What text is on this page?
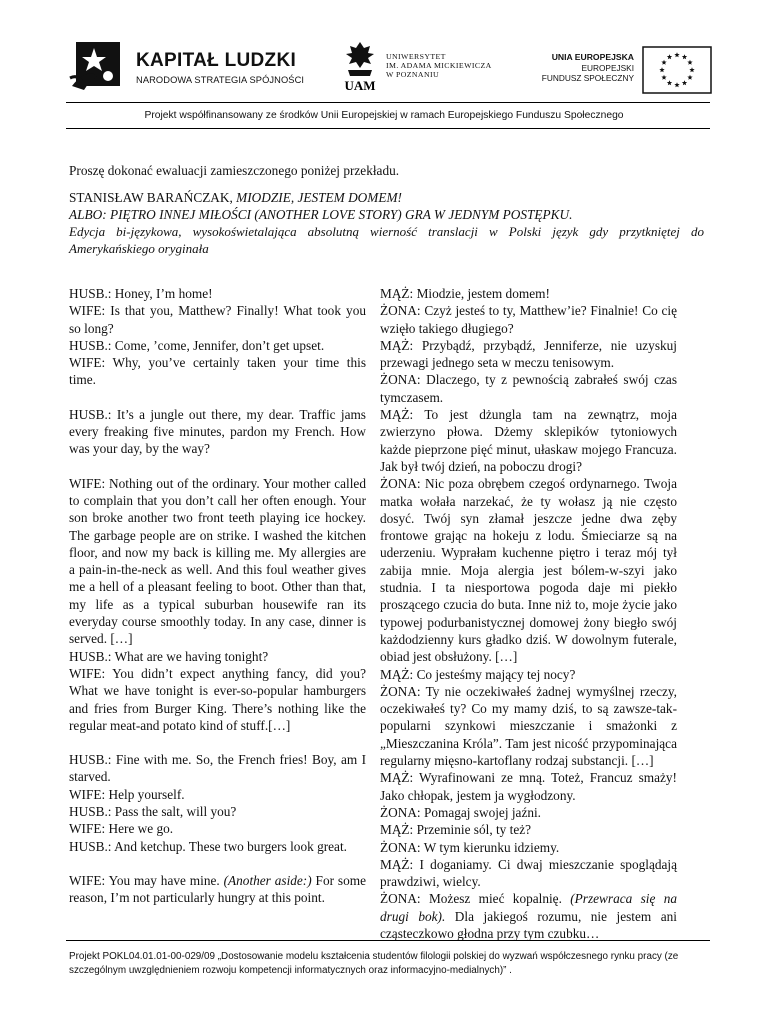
KAPITAŁ LUDZKI
NARODOWA STRATEGIA SPÓJNOŚCI	UAM
UNIWERSYTET
IM. ADAMA MICKIEWICZA
W POZNANIU
UNIA EUROPEJSKA
EUROPEJSKI
FUNDUSZ SPOŁECZNY
Projekt współfinansowany ze środków Unii Europejskiej w ramach Europejskiego Funduszu Społecznego

Proszę dokonać ewaluacji zamieszczonego poniżej przekładu.

STANISŁAW BARAŃCZAK, MIODZIE, JESTEM DOMEM!

ALBO: PIĘTRO INNEJ MIŁOŚCI (ANOTHER LOVE STORY) GRA W JEDNYM POSTĘPKU.

Edycja bi-językowa, wysokoświetalająca absolutną wierność translacji w Polski język gdy przytkniętej do Amerykańskiego oryginała

HUSB.: Honey, I’m home!

WIFE: Is that you, Matthew? Finally! What took you so long?

HUSB.: Come, ’come, Jennifer, don’t get upset.

WIFE: Why, you’ve certainly taken your time this time.

HUSB.: It’s a jungle out there, my dear. Traffic jams every freaking five minutes, pardon my French. How was your day, by the way?

WIFE: Nothing out of the ordinary. Your mother called to complain that you don’t call her often enough. Your son broke another two front teeth playing ice hockey. The garbage people are on strike. I washed the kitchen floor, and now my back is killing me. My allergies are a pain-in-the-neck as well. And this foul weather gives me a hell of a pleasant feeling to boot. Other than that, my life as a typical suburban housewife ran its everyday course smoothly today. In any case, dinner is served. […]

HUSB.: What are we having tonight?

WIFE: You didn’t expect anything fancy, did you? What we have tonight is ever-so-popular hamburgers and fries from Burger King. There’s nothing like the regular meat-and potato kind of stuff.[…]

HUSB.: Fine with me. So, the French fries! Boy, am I starved.

WIFE: Help yourself.

HUSB.: Pass the salt, will you?

WIFE: Here we go.

HUSB.: And ketchup. These two burgers look great.

WIFE: You may have mine. (Another aside:) For some reason, I’m not particularly hungry at this point.

MĄŻ: Miodzie, jestem domem!

ŻONA: Czyż jesteś to ty, Matthew’ie? Finalnie! Co cię wzięło takiego długiego?

MĄŻ: Przybądź, przybądź, Jenniferze, nie uzyskuj przewagi jednego seta w meczu tenisowym.

ŻONA: Dlaczego, ty z pewnością zabrałeś swój czas tymczasem.

MĄŻ: To jest dżungla tam na zewnątrz, moja zwierzyno płowa. Dżemy sklepików tytoniowych każde pieprzone pięć minut, ułaskaw mojego Francuza. Jak był twój dzień, na poboczu drogi?

ŻONA: Nic poza obrębem czegoś ordynarnego. Twoja matka wołała narzekać, że ty wołasz ją nie często dosyć. Twój syn złamał jeszcze jedne dwa zęby frontowe grając na hokeju z lodu. Śmieciarze są na uderzeniu. Wyprałam kuchenne piętro i teraz mój tył zabija mnie. Moja alergia jest bólem-w-szyi jako studnia. I ta niesportowa pogoda daje mi piekło proszącego czucia do buta. Inne niż to, moje życie jako typowej podurbanistycznej domowej żony biegło swój każdodzienny kurs gładko dziś. W dowolnym futerale, obiad jest obsłużony. […]

MĄŻ: Co jesteśmy mający tej nocy?

ŻONA: Ty nie oczekiwałeś żadnej wymyślnej rzeczy, oczekiwałeś ty? Co my mamy dziś, to są zawsze-tak-popularni szynkowi mieszczanie i smażonki z „Mieszczanina Króla”. Tam jest nicość przypominająca regularny mięsno-kartoflany rodzaj substancji. […]

MĄŻ: Wyrafinowani ze mną. Toteż, Francuz smaży! Jako chłopak, jestem ja wygłodzony.

ŻONA: Pomagaj swojej jaźni.

MĄŻ: Przeminie sól, ty też?

ŻONA: W tym kierunku idziemy.

MĄŻ: I doganiamy. Ci dwaj mieszczanie spoglądają prawdziwi, wielcy.

ŻONA: Możesz mieć kopalnię. (Przewraca się na drugi bok). Dla jakiegoś rozumu, nie jestem ani cząsteczkowo głodna przy tym czubku…

Projekt POKL04.01.01-00-029/09 „Dostosowanie modelu kształcenia studentów filologii polskiej do wyzwań współczesnego rynku pracy (ze szczególnym uwzględnieniem rozwoju kompetencji informatycznych oraz informacyjno-medialnych)” .
